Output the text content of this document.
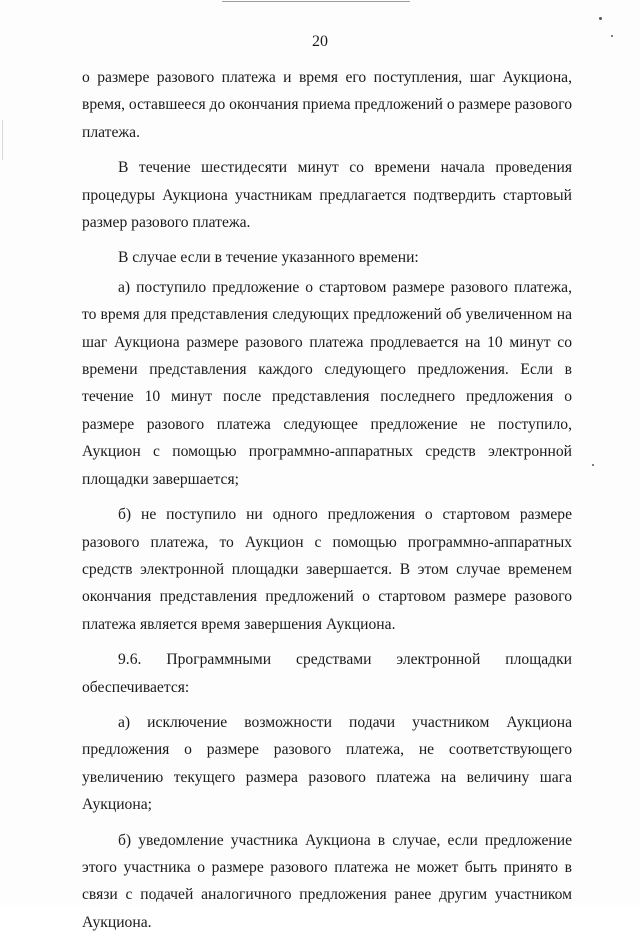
20

о размере разового платежа и время его поступления, шаг Аукциона, время, оставшееся до окончания приема предложений о размере разового платежа.

В течение шестидесяти минут со времени начала проведения процедуры Аукциона участникам предлагается подтвердить стартовый размер разового платежа.

В случае если в течение указанного времени:

а) поступило предложение о стартовом размере разового платежа, то время для представления следующих предложений об увеличенном на шаг Аукциона размере разового платежа продлевается на 10 минут со времени представления каждого следующего предложения. Если в течение 10 минут после представления последнего предложения о размере разового платежа следующее предложение не поступило, Аукцион с помощью программно-аппаратных средств электронной площадки завершается;

б) не поступило ни одного предложения о стартовом размере разового платежа, то Аукцион с помощью программно-аппаратных средств электронной площадки завершается. В этом случае временем окончания представления предложений о стартовом размере разового платежа является время завершения Аукциона.

9.6. Программными средствами электронной площадки обеспечивается:

а) исключение возможности подачи участником Аукциона предложения о размере разового платежа, не соответствующего увеличению текущего размера разового платежа на величину шага Аукциона;

б) уведомление участника Аукциона в случае, если предложение этого участника о размере разового платежа не может быть принято в связи с подачей аналогичного предложения ранее другим участником Аукциона.
